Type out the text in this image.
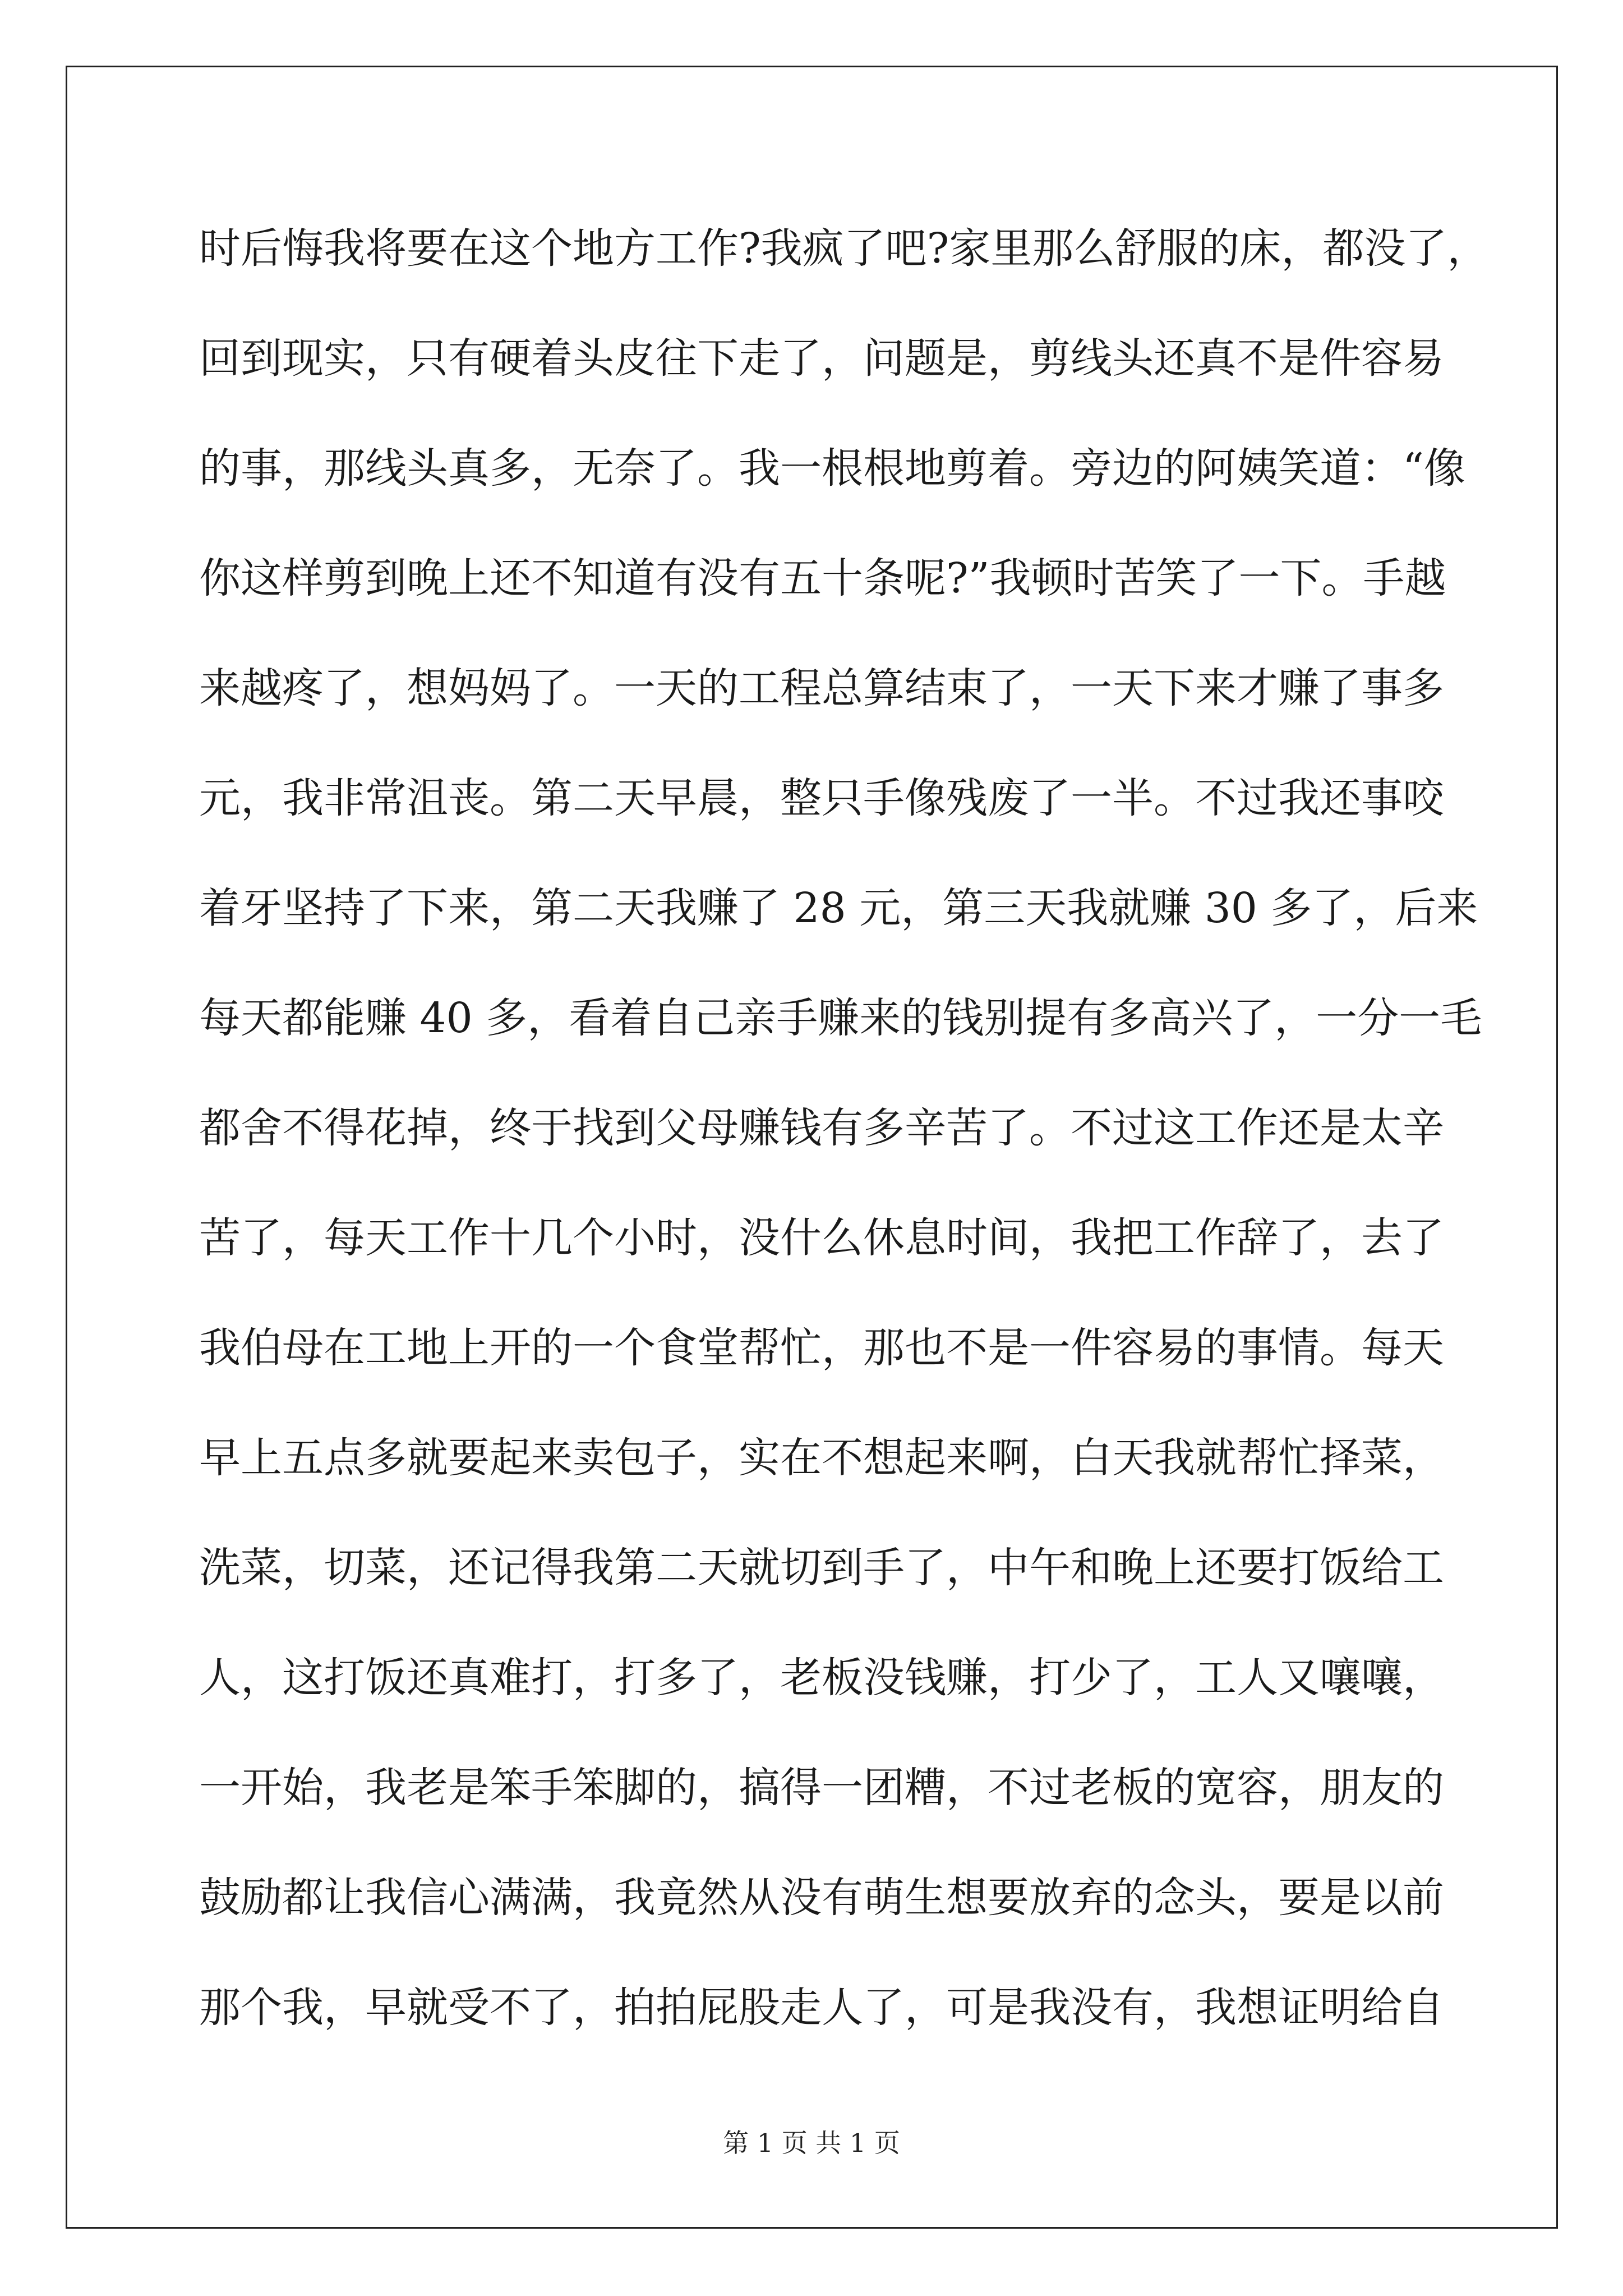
时后悔我将要在这个地方工作?我疯了吧?家里那么舒服的床，都没了，
回到现实，只有硬着头皮往下走了，问题是，剪线头还真不是件容易
的事，那线头真多，无奈了。我一根根地剪着。旁边的阿姨笑道：“像
你这样剪到晚上还不知道有没有五十条呢?”我顿时苦笑了一下。手越
来越疼了，想妈妈了。一天的工程总算结束了，一天下来才赚了事多
元，我非常沮丧。第二天早晨，整只手像残废了一半。不过我还事咬
着牙坚持了下来，第二天我赚了 28 元，第三天我就赚 30 多了，后来
每天都能赚 40 多，看着自己亲手赚来的钱别提有多高兴了，一分一毛
都舍不得花掉，终于找到父母赚钱有多辛苦了。不过这工作还是太辛
苦了，每天工作十几个小时，没什么休息时间，我把工作辞了，去了
我伯母在工地上开的一个食堂帮忙，那也不是一件容易的事情。每天
早上五点多就要起来卖包子，实在不想起来啊，白天我就帮忙择菜，
洗菜，切菜，还记得我第二天就切到手了，中午和晚上还要打饭给工
人，这打饭还真难打，打多了，老板没钱赚，打少了，工人又嚷嚷，
一开始，我老是笨手笨脚的，搞得一团糟，不过老板的宽容，朋友的
鼓励都让我信心满满，我竟然从没有萌生想要放弃的念头，要是以前
那个我，早就受不了，拍拍屁股走人了，可是我没有，我想证明给自
第 1 页 共 1 页
